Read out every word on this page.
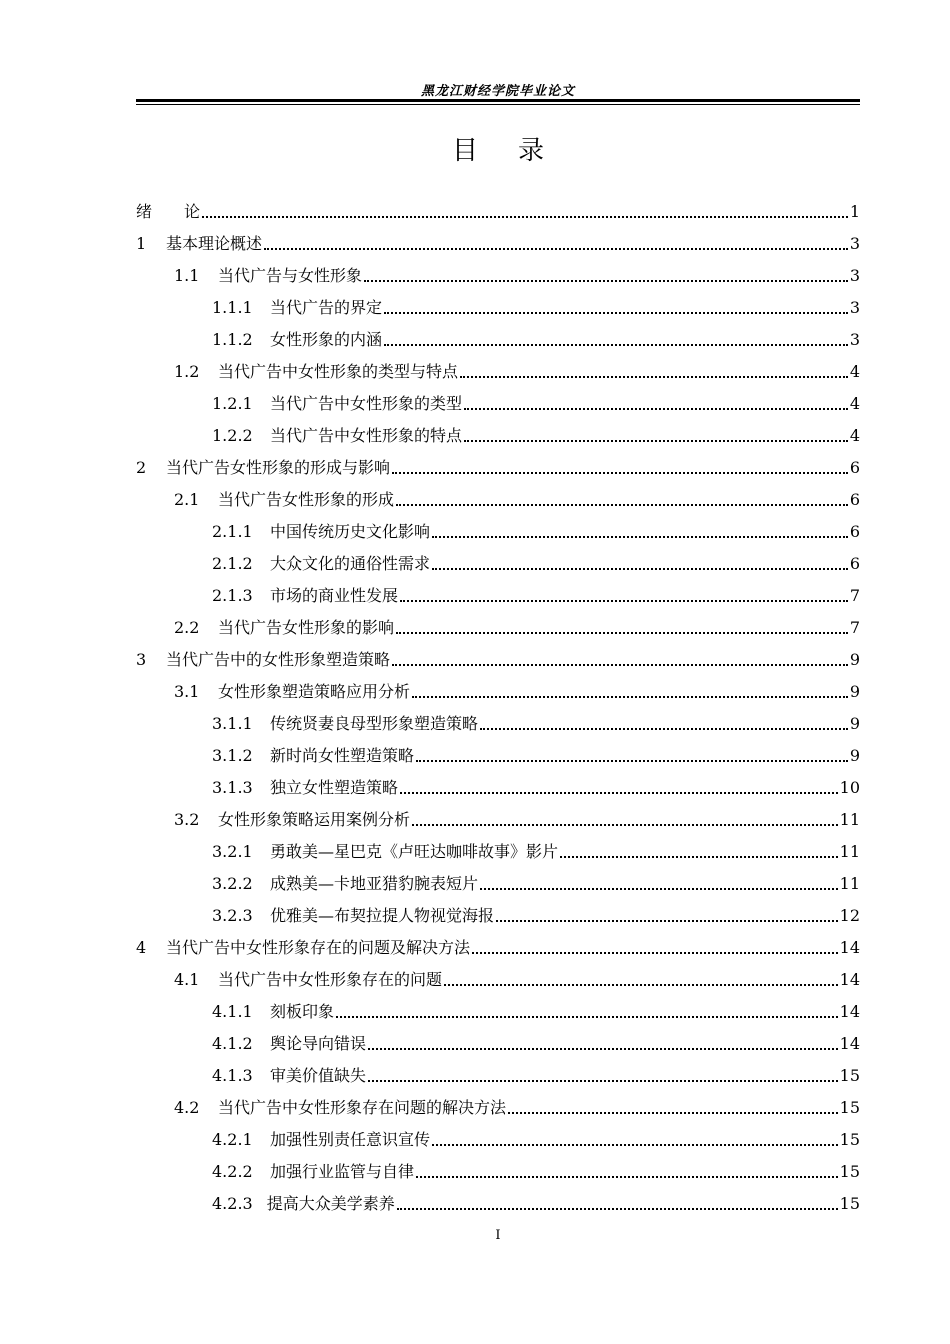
黑龙江财经学院毕业论文
目录
绪　　论	1
1	基本理论概述	3
1.1	当代广告与女性形象	3
1.1.1	当代广告的界定	3
1.1.2	女性形象的内涵	3
1.2	当代广告中女性形象的类型与特点	4
1.2.1	当代广告中女性形象的类型	4
1.2.2	当代广告中女性形象的特点	4
2	当代广告女性形象的形成与影响	6
2.1	当代广告女性形象的形成	6
2.1.1	中国传统历史文化影响	6
2.1.2	大众文化的通俗性需求	6
2.1.3	市场的商业性发展	7
2.2	当代广告女性形象的影响	7
3	当代广告中的女性形象塑造策略	9
3.1	女性形象塑造策略应用分析	9
3.1.1	传统贤妻良母型形象塑造策略	9
3.1.2	新时尚女性塑造策略	9
3.1.3	独立女性塑造策略	10
3.2	女性形象策略运用案例分析	11
3.2.1	勇敢美—星巴克《卢旺达咖啡故事》影片	11
3.2.2	成熟美—卡地亚猎豹腕表短片	11
3.2.3	优雅美—布契拉提人物视觉海报	12
4	当代广告中女性形象存在的问题及解决方法	14
4.1	当代广告中女性形象存在的问题	14
4.1.1	刻板印象	14
4.1.2	舆论导向错误	14
4.1.3	审美价值缺失	15
4.2	当代广告中女性形象存在问题的解决方法	15
4.2.1	加强性别责任意识宣传	15
4.2.2	加强行业监管与自律	15
4.2.3 提高大众美学素养	15
I
